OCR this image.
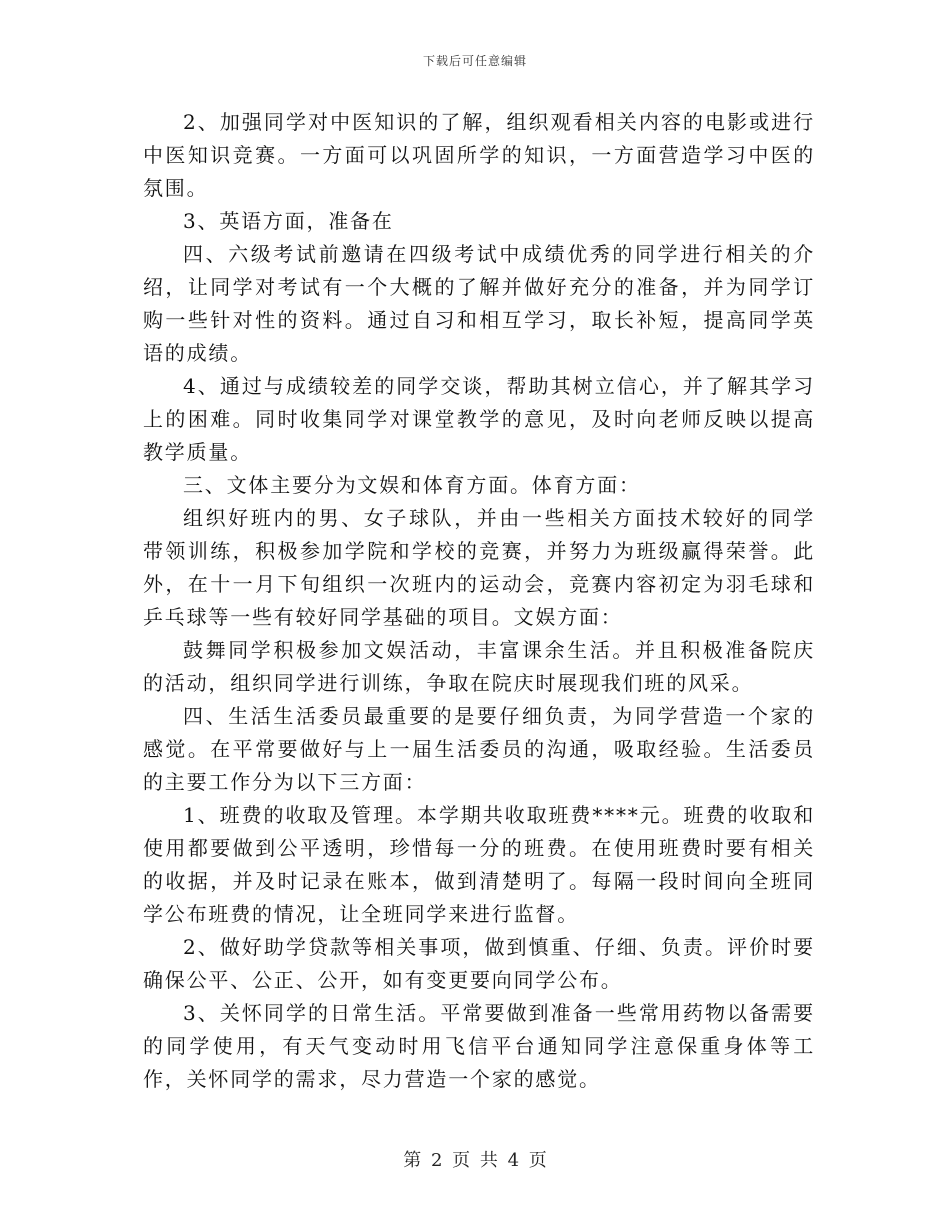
下载后可任意编辑

2、加强同学对中医知识的了解，组织观看相关内容的电影或进行中医知识竞赛。一方面可以巩固所学的知识，一方面营造学习中医的氛围。

3、英语方面，准备在

四、六级考试前邀请在四级考试中成绩优秀的同学进行相关的介绍，让同学对考试有一个大概的了解并做好充分的准备，并为同学订购一些针对性的资料。通过自习和相互学习，取长补短，提高同学英语的成绩。

4、通过与成绩较差的同学交谈，帮助其树立信心，并了解其学习上的困难。同时收集同学对课堂教学的意见，及时向老师反映以提高教学质量。

三、文体主要分为文娱和体育方面。体育方面：

组织好班内的男、女子球队，并由一些相关方面技术较好的同学带领训练，积极参加学院和学校的竞赛，并努力为班级赢得荣誉。此外，在十一月下旬组织一次班内的运动会，竞赛内容初定为羽毛球和乒乓球等一些有较好同学基础的项目。文娱方面：

鼓舞同学积极参加文娱活动，丰富课余生活。并且积极准备院庆的活动，组织同学进行训练，争取在院庆时展现我们班的风采。

四、生活生活委员最重要的是要仔细负责，为同学营造一个家的感觉。在平常要做好与上一届生活委员的沟通，吸取经验。生活委员的主要工作分为以下三方面：

1、班费的收取及管理。本学期共收取班费****元。班费的收取和使用都要做到公平透明，珍惜每一分的班费。在使用班费时要有相关的收据，并及时记录在账本，做到清楚明了。每隔一段时间向全班同学公布班费的情况，让全班同学来进行监督。

2、做好助学贷款等相关事项，做到慎重、仔细、负责。评价时要确保公平、公正、公开，如有变更要向同学公布。

3、关怀同学的日常生活。平常要做到准备一些常用药物以备需要的同学使用，有天气变动时用飞信平台通知同学注意保重身体等工作，关怀同学的需求，尽力营造一个家的感觉。

第 2 页 共 4 页
